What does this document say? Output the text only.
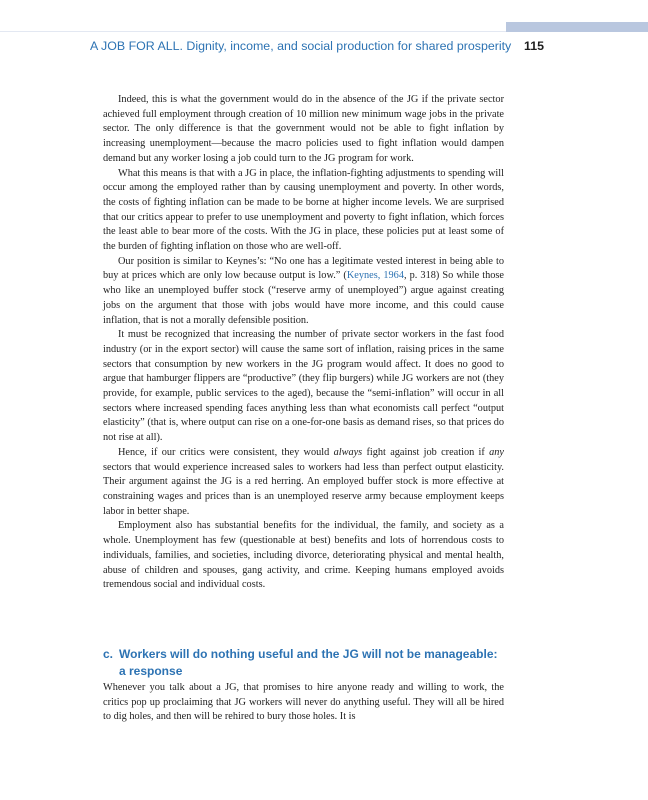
A JOB FOR ALL. Dignity, income, and social production for shared prosperity 115

Indeed, this is what the government would do in the absence of the JG if the private sector achieved full employment through creation of 10 million new minimum wage jobs in the private sector. The only difference is that the government would not be able to fight inflation by increasing unemployment—because the macro policies used to fight inflation would dampen demand but any worker losing a job could turn to the JG program for work.

What this means is that with a JG in place, the inflation-fighting adjustments to spending will occur among the employed rather than by causing unemployment and poverty. In other words, the costs of fighting inflation can be made to be borne at higher income levels. We are surprised that our critics appear to prefer to use unemployment and poverty to fight inflation, which forces the least able to bear more of the costs. With the JG in place, these policies put at least some of the burden of fighting inflation on those who are well-off.

Our position is similar to Keynes’s: “No one has a legitimate vested interest in being able to buy at prices which are only low because output is low.” (Keynes, 1964, p. 318) So while those who like an unemployed buffer stock (“reserve army of unemployed”) argue against creating jobs on the argument that those with jobs would have more income, and this could cause inflation, that is not a morally defensible position.

It must be recognized that increasing the number of private sector workers in the fast food industry (or in the export sector) will cause the same sort of inflation, raising prices in the same sectors that consumption by new workers in the JG program would affect. It does no good to argue that hamburger flippers are “productive” (they flip burgers) while JG workers are not (they provide, for example, public services to the aged), because the “semi-inflation” will occur in all sectors where increased spending faces anything less than what economists call perfect “output elasticity” (that is, where output can rise on a one-for-one basis as demand rises, so that prices do not rise at all).

Hence, if our critics were consistent, they would always fight against job creation if any sectors that would experience increased sales to workers had less than perfect output elasticity. Their argument against the JG is a red herring. An employed buffer stock is more effective at constraining wages and prices than is an unemployed reserve army because employment keeps labor in better shape.

Employment also has substantial benefits for the individual, the family, and society as a whole. Unemployment has few (questionable at best) benefits and lots of horrendous costs to individuals, families, and societies, including divorce, deteriorating physical and mental health, abuse of children and spouses, gang activity, and crime. Keeping humans employed avoids tremendous social and individual costs.

c. Workers will do nothing useful and the JG will not be manageable: a response

Whenever you talk about a JG, that promises to hire anyone ready and willing to work, the critics pop up proclaiming that JG workers will never do anything useful. They will all be hired to dig holes, and then will be rehired to bury those holes. It is
